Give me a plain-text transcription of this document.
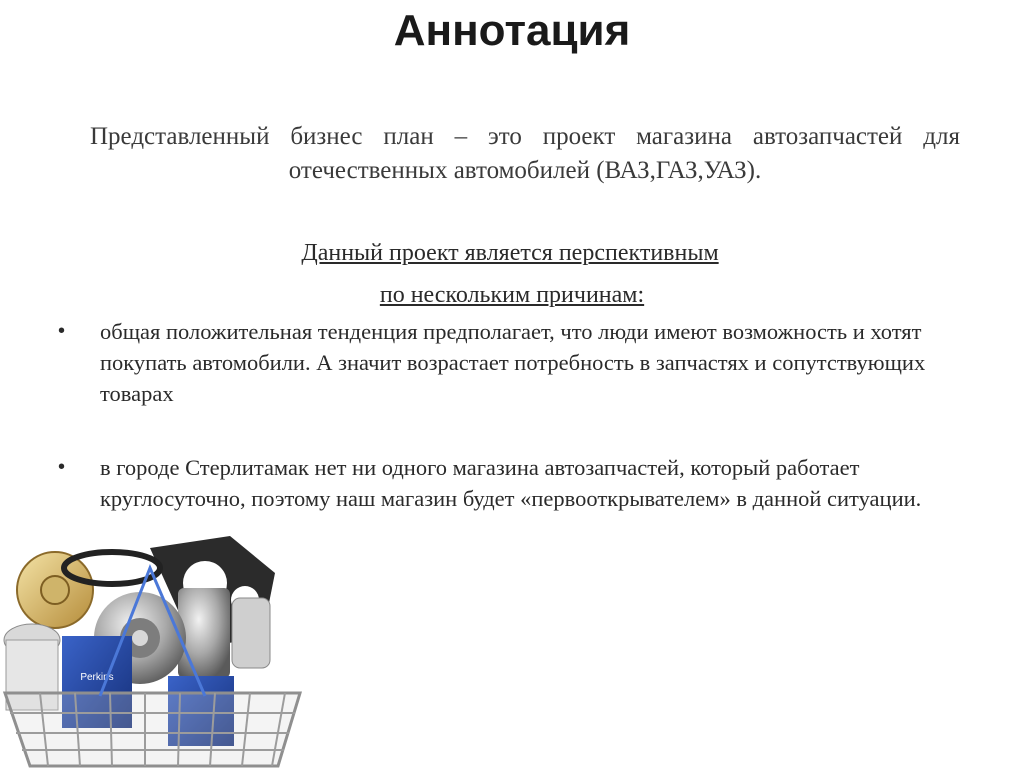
Аннотация
Представленный бизнес план – это проект магазина автозапчастей для отечественных автомобилей (ВАЗ,ГАЗ,УАЗ).
Данный проект является перспективным
по нескольким причинам:
• общая положительная тенденция предполагает, что люди имеют возможность и хотят покупать автомобили. А значит возрастает потребность в запчастях и сопутствующих товарах
• в городе Стерлитамак нет ни одного магазина автозапчастей, который работает круглосуточно, поэтому наш магазин будет «первооткрывателем» в данной ситуации.
Perkins
